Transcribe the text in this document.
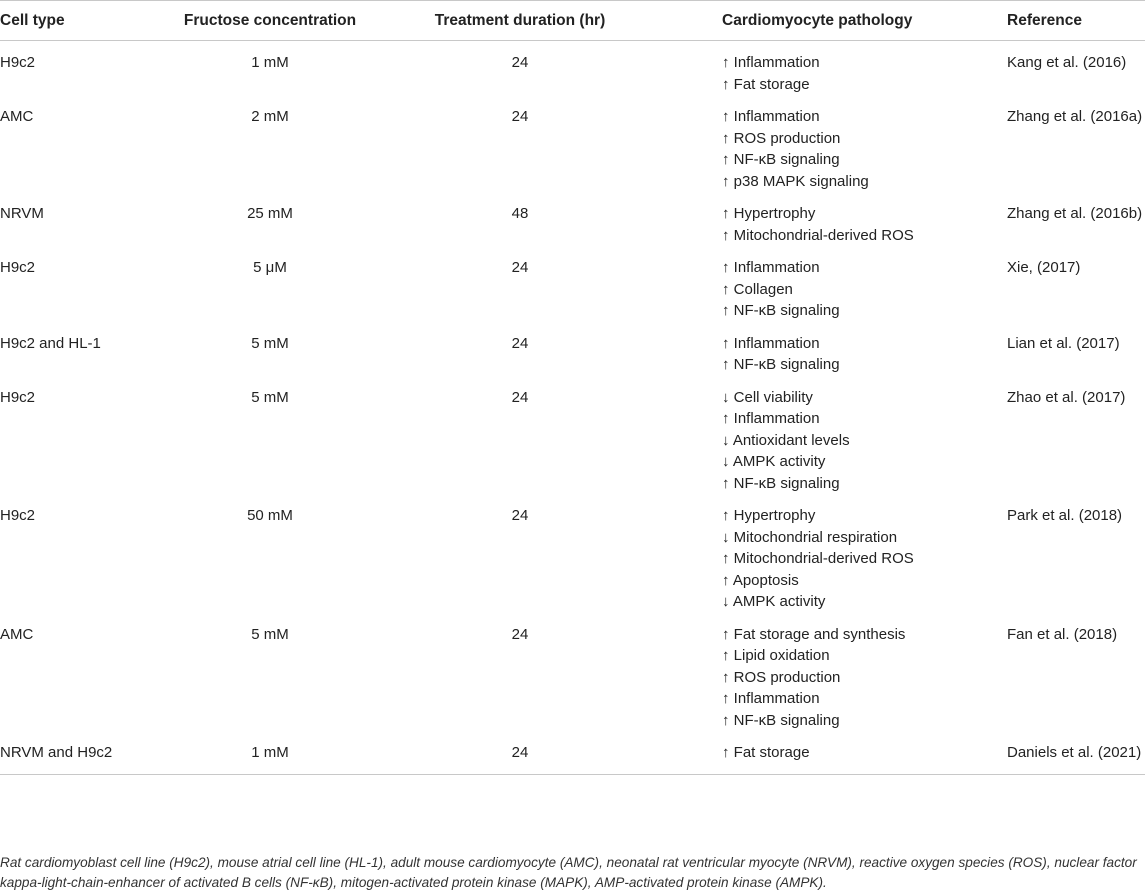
Cell type	Fructose concentration	Treatment duration (hr)	Cardiomyocyte pathology	Reference
H9c2	1 mM	24	↑ Inflammation
↑ Fat storage	Kang et al. (2016)
AMC	2 mM	24	↑ Inflammation
↑ ROS production
↑ NF-κB signaling
↑ p38 MAPK signaling	Zhang et al. (2016a)
NRVM	25 mM	48	↑ Hypertrophy
↑ Mitochondrial-derived ROS	Zhang et al. (2016b)
H9c2	5 μM	24	↑ Inflammation
↑ Collagen
↑ NF-κB signaling	Xie, (2017)
H9c2 and HL-1	5 mM	24	↑ Inflammation
↑ NF-κB signaling	Lian et al. (2017)
H9c2	5 mM	24	↓ Cell viability
↑ Inflammation
↓ Antioxidant levels
↓ AMPK activity
↑ NF-κB signaling	Zhao et al. (2017)
H9c2	50 mM	24	↑ Hypertrophy
↓ Mitochondrial respiration
↑ Mitochondrial-derived ROS
↑ Apoptosis
↓ AMPK activity	Park et al. (2018)
AMC	5 mM	24	↑ Fat storage and synthesis
↑ Lipid oxidation
↑ ROS production
↑ Inflammation
↑ NF-κB signaling	Fan et al. (2018)
NRVM and H9c2	1 mM	24	↑ Fat storage	Daniels et al. (2021)
Rat cardiomyoblast cell line (H9c2), mouse atrial cell line (HL-1), adult mouse cardiomyocyte (AMC), neonatal rat ventricular myocyte (NRVM), reactive oxygen species (ROS), nuclear factor kappa-light-chain-enhancer of activated B cells (NF-κB), mitogen-activated protein kinase (MAPK), AMP-activated protein kinase (AMPK).
